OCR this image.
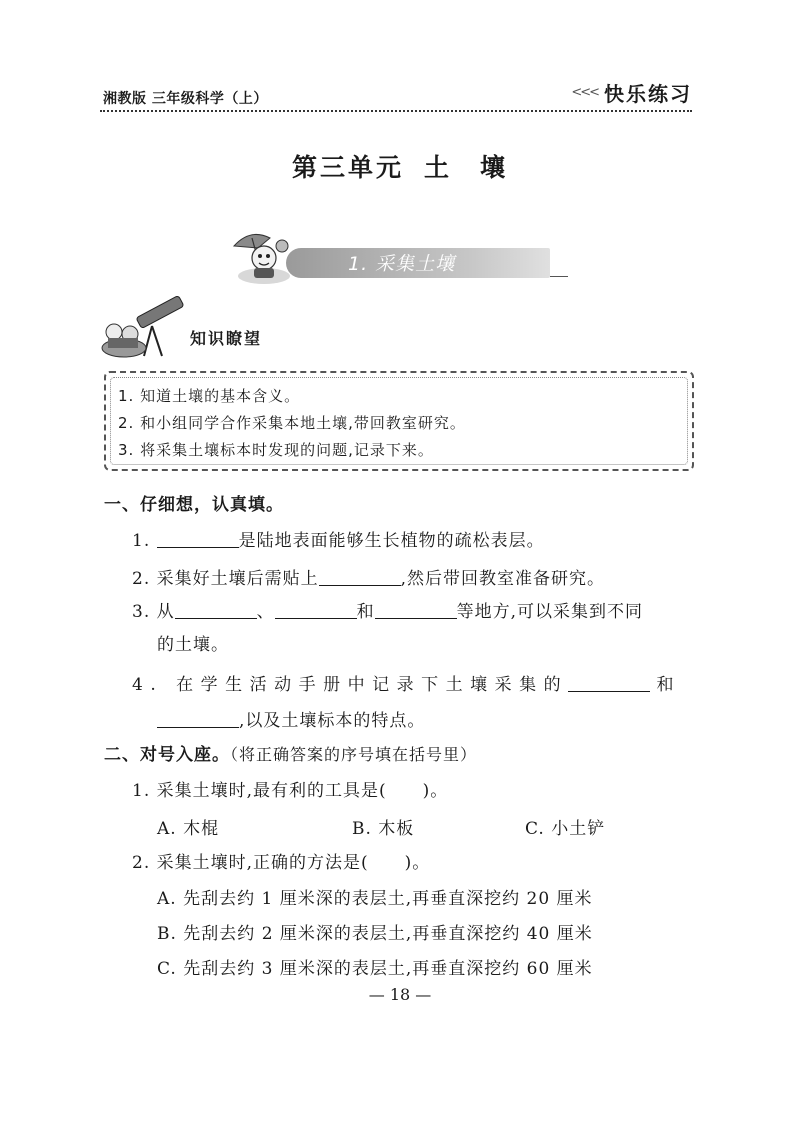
湘教版 三年级科学（上）	<<< 快乐练习
第三单元 土　壤
1. 采集土壤
知识瞭望
1. 知道土壤的基本含义。
2. 和小组同学合作采集本地土壤,带回教室研究。
3. 将采集土壤标本时发现的问题,记录下来。
一、仔细想，认真填。
1.	是陆地表面能够生长植物的疏松表层。
2. 采集好土壤后需贴上	,然后带回教室准备研究。
3. 从	、	和	等地方,可以采集到不同
的土壤。
4. 在学生活动手册中记录下土壤采集的	和
,以及土壤标本的特点。
二、对号入座。（将正确答案的序号填在括号里）
1. 采集土壤时,最有利的工具是( )。
A. 木棍	B. 木板	C. 小土铲
2. 采集土壤时,正确的方法是( )。
A. 先刮去约 1 厘米深的表层土,再垂直深挖约 20 厘米
B. 先刮去约 2 厘米深的表层土,再垂直深挖约 40 厘米
C. 先刮去约 3 厘米深的表层土,再垂直深挖约 60 厘米
— 18 —
